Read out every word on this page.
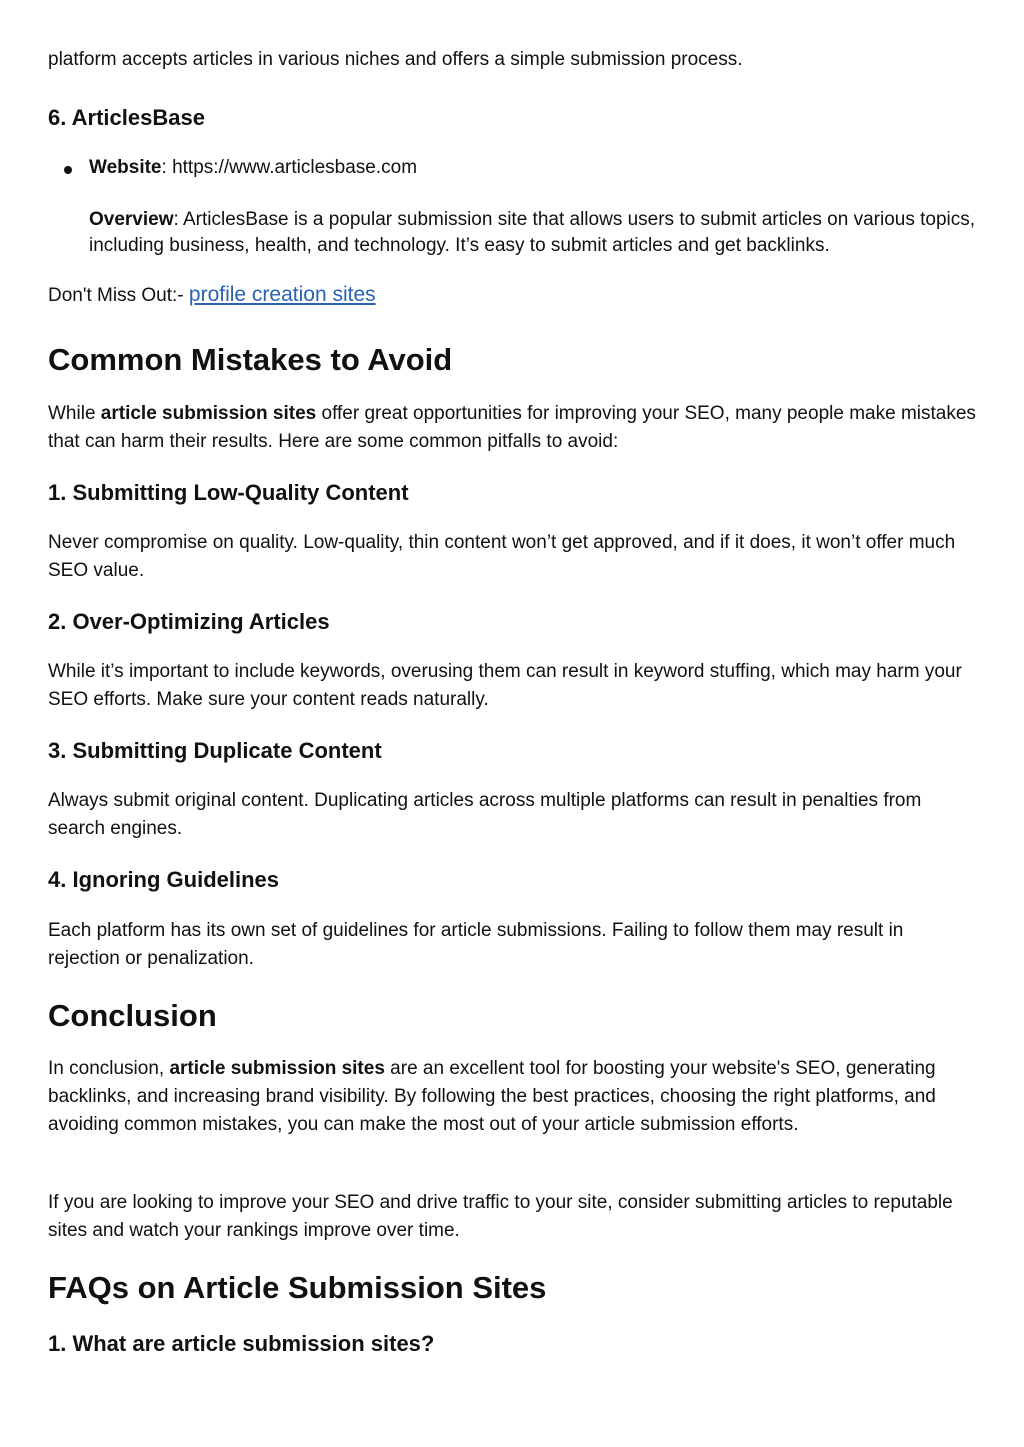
platform accepts articles in various niches and offers a simple submission process.

6. ArticlesBase

Website: https://www.articlesbase.com

Overview: ArticlesBase is a popular submission site that allows users to submit articles on various topics, including business, health, and technology. It’s easy to submit articles and get backlinks.

Don't Miss Out:- profile creation sites

Common Mistakes to Avoid

While article submission sites offer great opportunities for improving your SEO, many people make mistakes that can harm their results. Here are some common pitfalls to avoid:

1. Submitting Low-Quality Content

Never compromise on quality. Low-quality, thin content won’t get approved, and if it does, it won’t offer much SEO value.

2. Over-Optimizing Articles

While it’s important to include keywords, overusing them can result in keyword stuffing, which may harm your SEO efforts. Make sure your content reads naturally.

3. Submitting Duplicate Content

Always submit original content. Duplicating articles across multiple platforms can result in penalties from search engines.

4. Ignoring Guidelines

Each platform has its own set of guidelines for article submissions. Failing to follow them may result in rejection or penalization.

Conclusion

In conclusion, article submission sites are an excellent tool for boosting your website's SEO, generating backlinks, and increasing brand visibility. By following the best practices, choosing the right platforms, and avoiding common mistakes, you can make the most out of your article submission efforts.

If you are looking to improve your SEO and drive traffic to your site, consider submitting articles to reputable sites and watch your rankings improve over time.

FAQs on Article Submission Sites
1. What are article submission sites?
